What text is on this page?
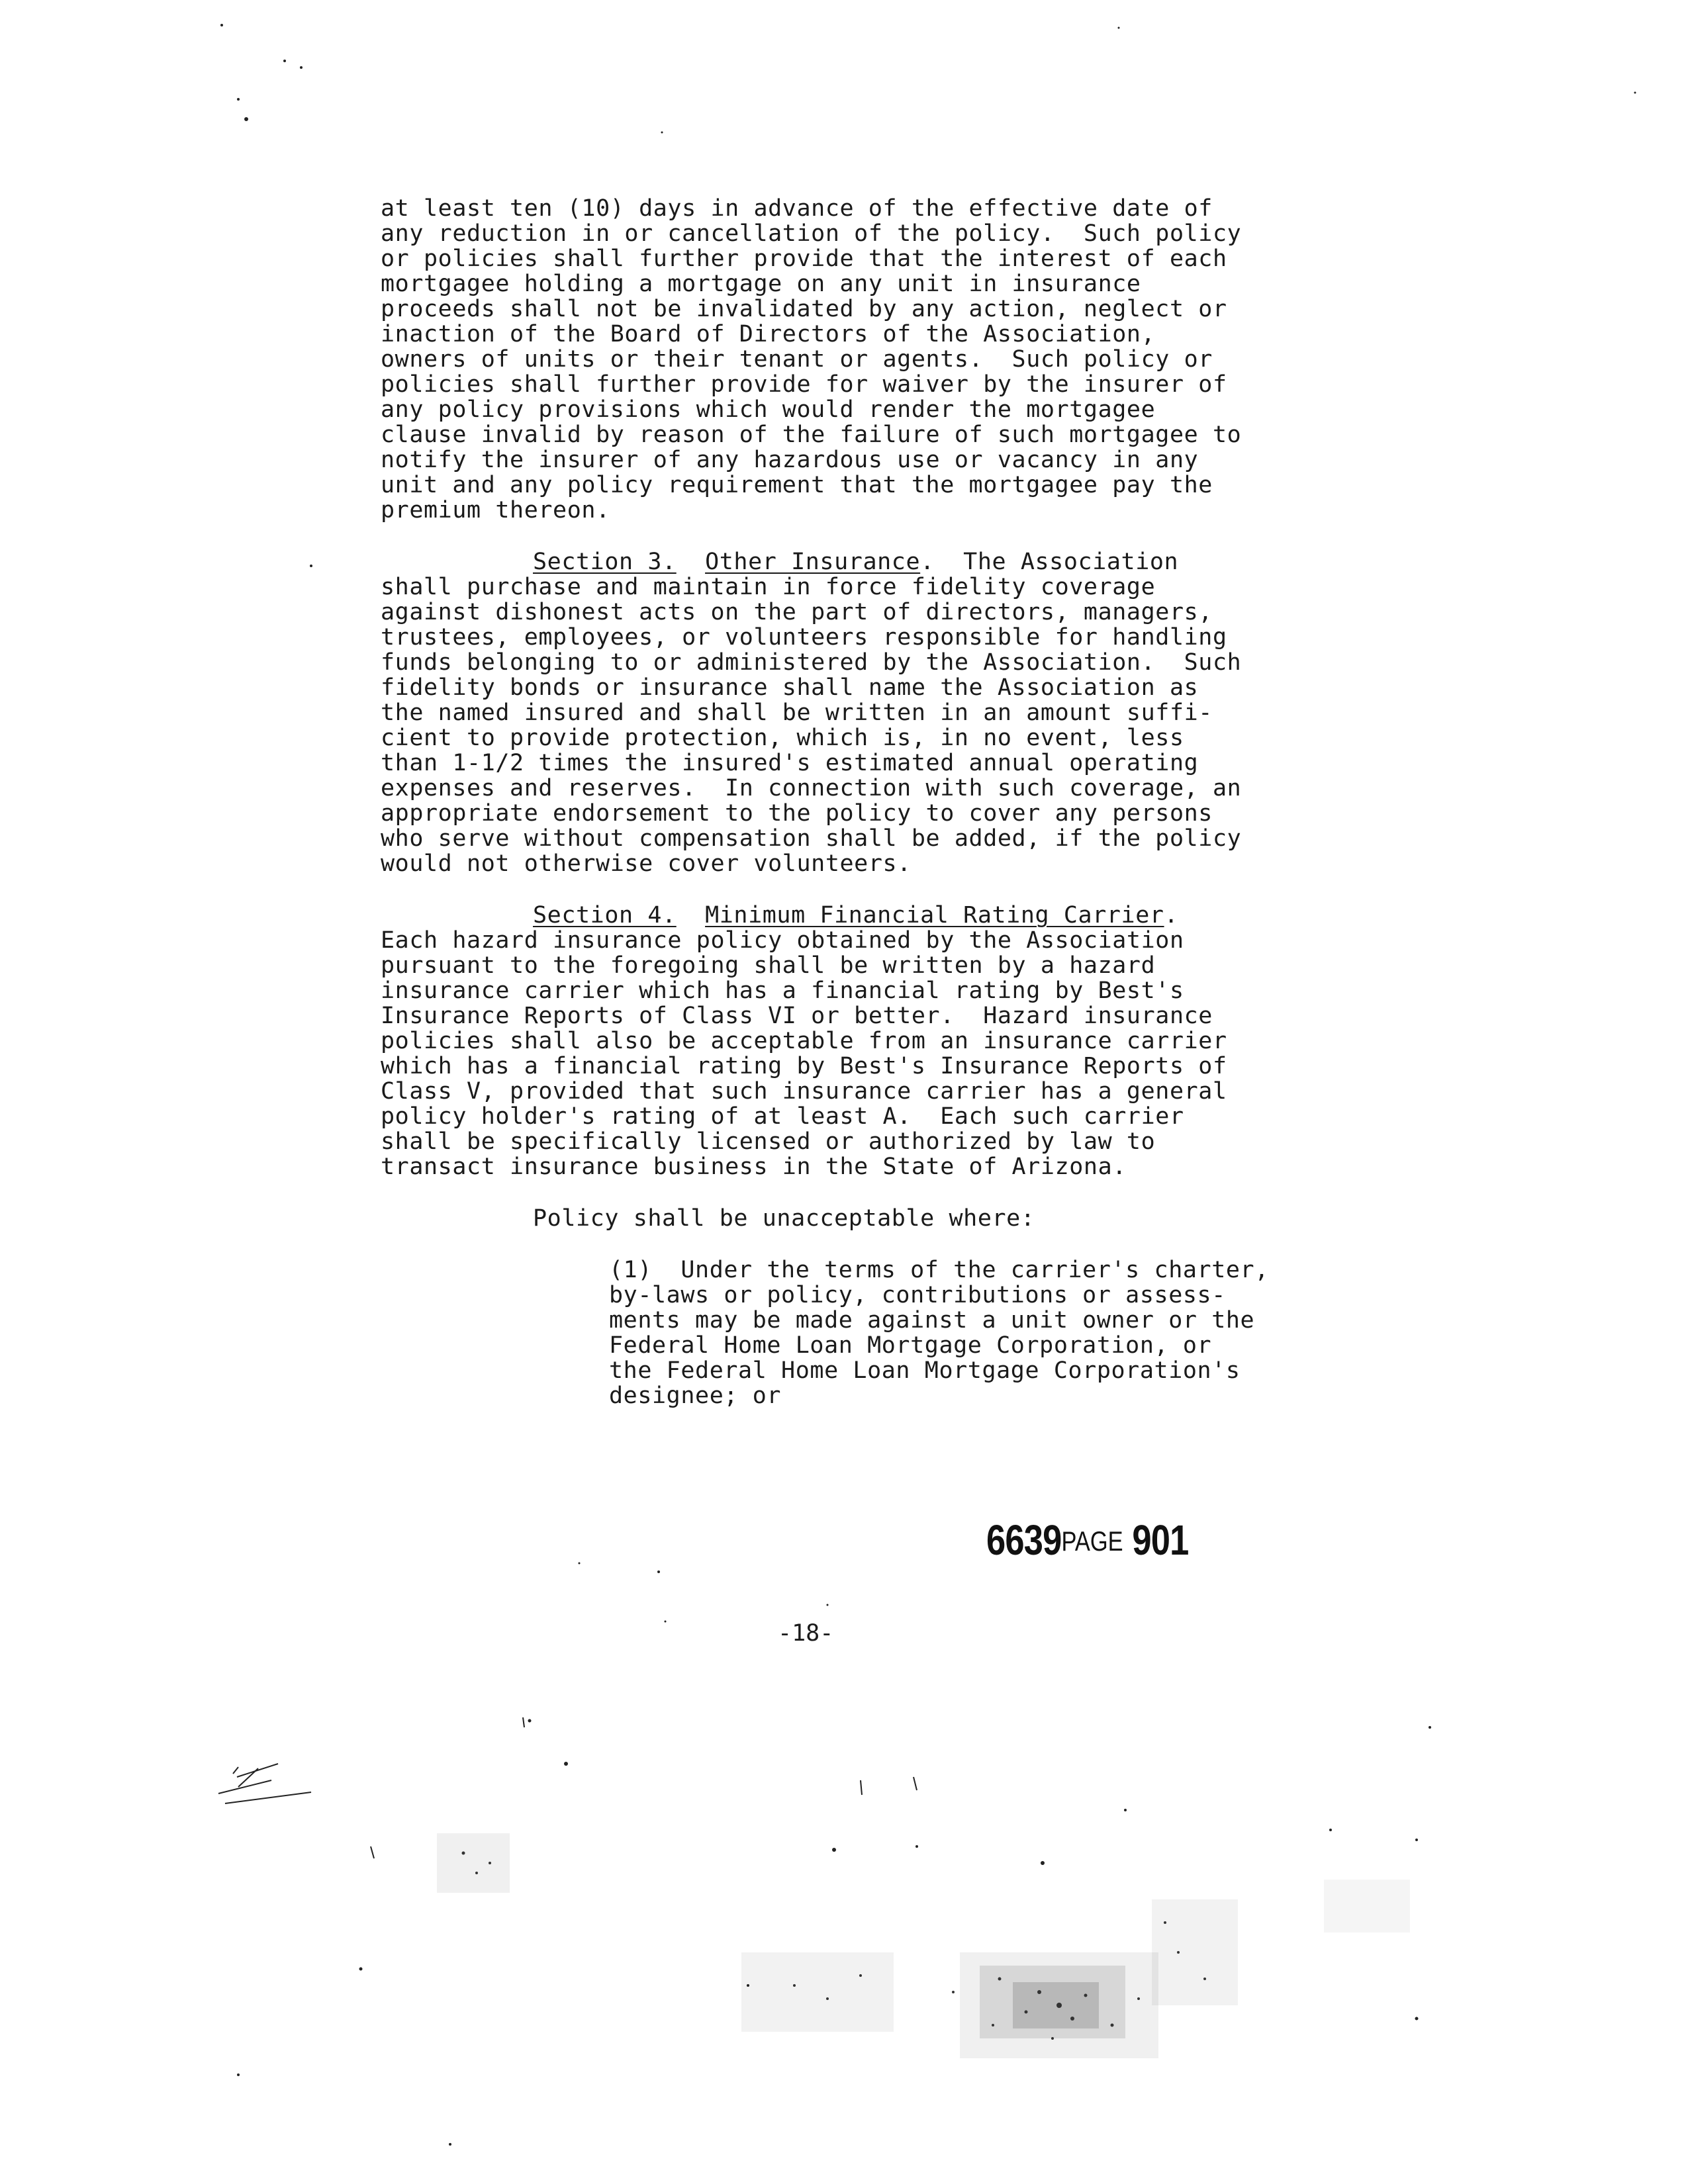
at least ten (10) days in advance of the effective date of
any reduction in or cancellation of the policy.  Such policy
or policies shall further provide that the interest of each
mortgagee holding a mortgage on any unit in insurance
proceeds shall not be invalidated by any action, neglect or
inaction of the Board of Directors of the Association,
owners of units or their tenant or agents.  Such policy or
policies shall further provide for waiver by the insurer of
any policy provisions which would render the mortgagee
clause invalid by reason of the failure of such mortgagee to
notify the insurer of any hazardous use or vacancy in any
unit and any policy requirement that the mortgagee pay the
premium thereon.
Section 3. Other Insurance.  The Association
shall purchase and maintain in force fidelity coverage
against dishonest acts on the part of directors, managers,
trustees, employees, or volunteers responsible for handling
funds belonging to or administered by the Association.  Such
fidelity bonds or insurance shall name the Association as
the named insured and shall be written in an amount suffi-
cient to provide protection, which is, in no event, less
than 1-1/2 times the insured's estimated annual operating
expenses and reserves.  In connection with such coverage, an
appropriate endorsement to the policy to cover any persons
who serve without compensation shall be added, if the policy
would not otherwise cover volunteers.
Section 4. Minimum Financial Rating Carrier.
Each hazard insurance policy obtained by the Association
pursuant to the foregoing shall be written by a hazard
insurance carrier which has a financial rating by Best's
Insurance Reports of Class VI or better.  Hazard insurance
policies shall also be acceptable from an insurance carrier
which has a financial rating by Best's Insurance Reports of
Class V, provided that such insurance carrier has a general
policy holder's rating of at least A.  Each such carrier
shall be specifically licensed or authorized by law to
transact insurance business in the State of Arizona.
Policy shall be unacceptable where:
(1)  Under the terms of the carrier's charter,
by-laws or policy, contributions or assess-
ments may be made against a unit owner or the
Federal Home Loan Mortgage Corporation, or
the Federal Home Loan Mortgage Corporation's
designee; or
6639PAGE 901
-18-
